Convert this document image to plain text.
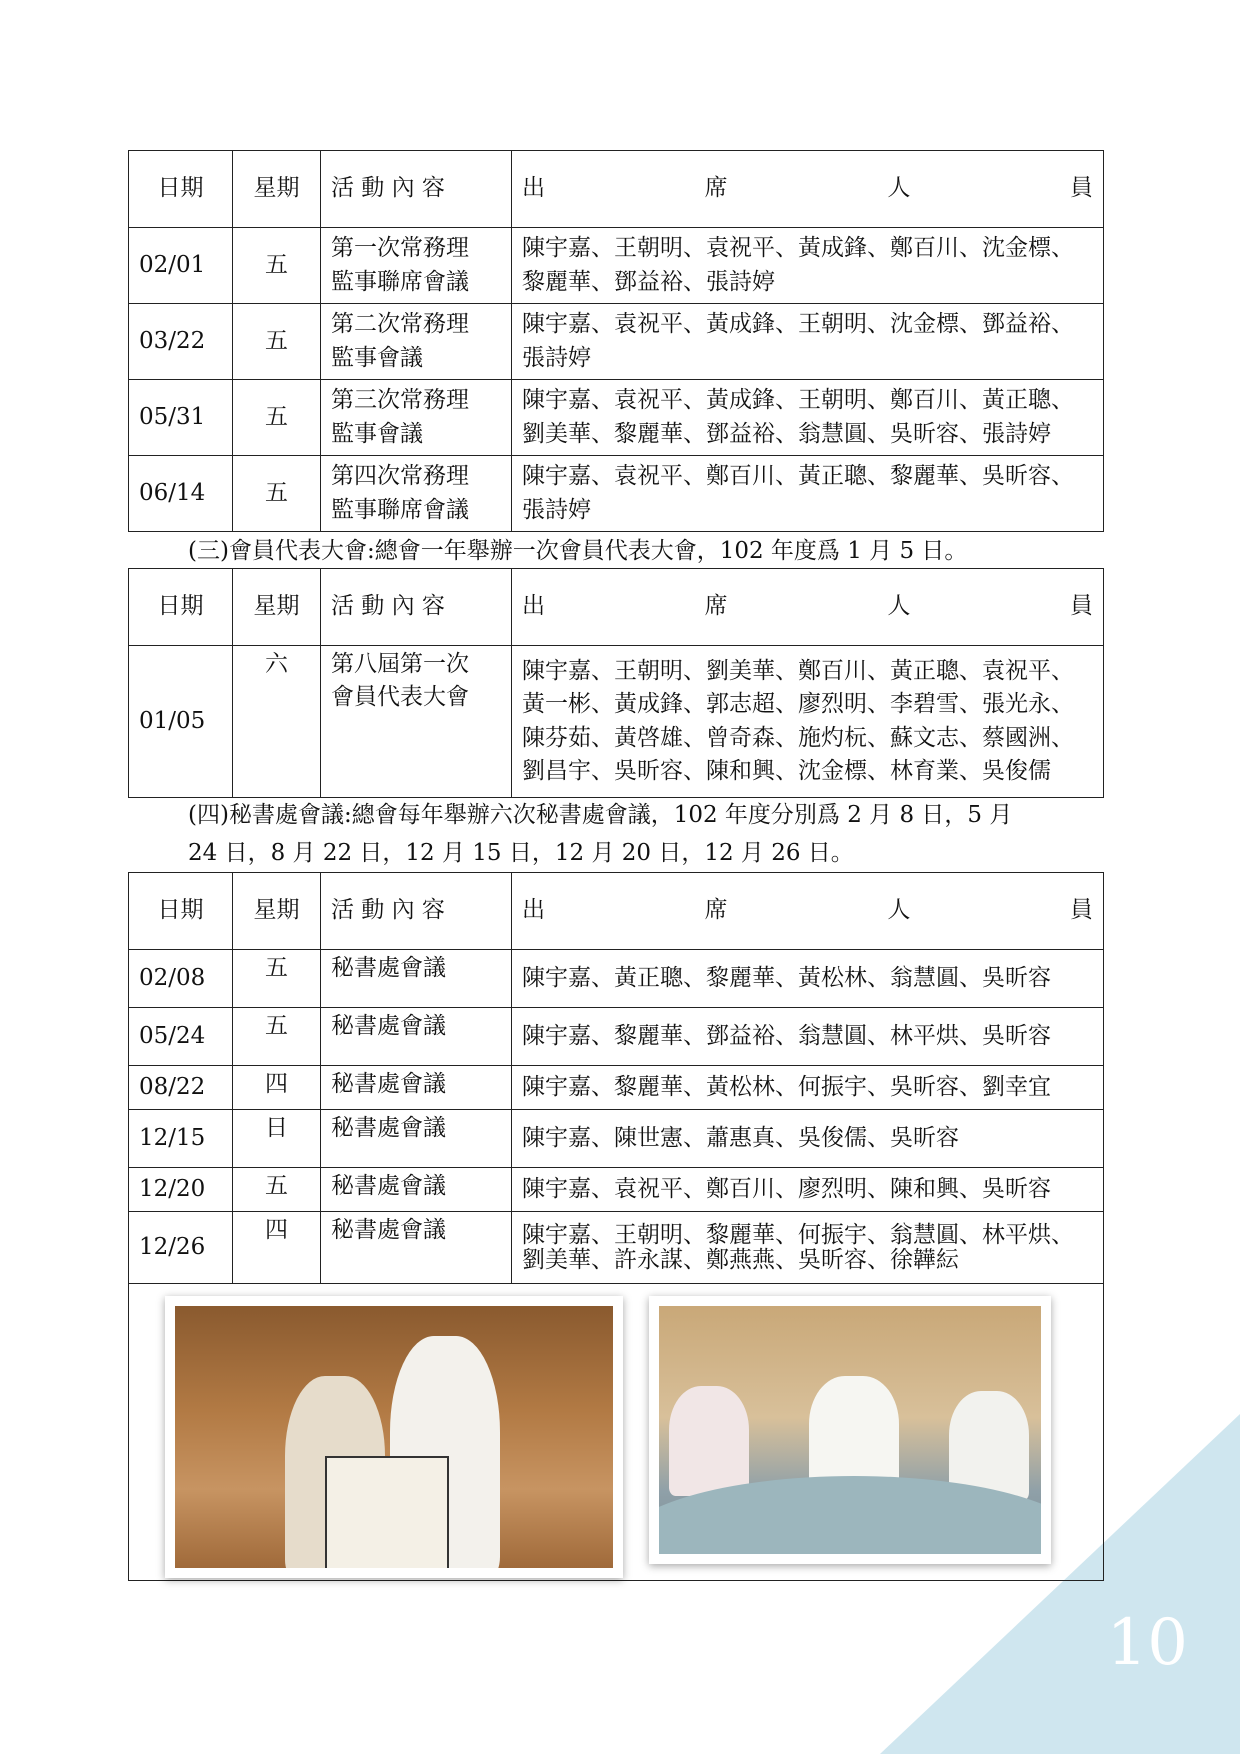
10
日期	星期	活 動 內 容	出 席 人 員

02/01	五	第一次常務理
監事聯席會議	陳宇嘉、王朝明、袁祝平、黃成鋒、鄭百川、沈金標、黎麗華、鄧益裕、張詩婷
03/22	五	第二次常務理
監事會議	陳宇嘉、袁祝平、黃成鋒、王朝明、沈金標、鄧益裕、張詩婷
05/31	五	第三次常務理
監事會議	陳宇嘉、袁祝平、黃成鋒、王朝明、鄭百川、黃正聰、劉美華、黎麗華、鄧益裕、翁慧圓、吳昕容、張詩婷
06/14	五	第四次常務理
監事聯席會議	陳宇嘉、袁祝平、鄭百川、黃正聰、黎麗華、吳昕容、張詩婷
(三)會員代表大會:總會一年舉辦一次會員代表大會，102 年度爲 1 月 5 日。
日期	星期	活 動 內 容	出 席 人 員

01/05	六	第八屆第一次
會員代表大會	陳宇嘉、王朝明、劉美華、鄭百川、黃正聰、袁祝平、黃一彬、黃成鋒、郭志超、廖烈明、李碧雪、張光永、陳芬茹、黃啓雄、曾奇森、施灼杬、蘇文志、蔡國洲、劉昌宇、吳昕容、陳和興、沈金標、林育業、吳俊儒
(四)秘書處會議:總會每年舉辦六次秘書處會議，102 年度分別爲 2 月 8 日，5 月
24 日，8 月 22 日，12 月 15 日，12 月 20 日，12 月 26 日。
日期	星期	活 動 內 容	出 席 人 員

02/08	五	秘書處會議	陳宇嘉、黃正聰、黎麗華、黃松林、翁慧圓、吳昕容
05/24	五	秘書處會議	陳宇嘉、黎麗華、鄧益裕、翁慧圓、林平烘、吳昕容
08/22	四	秘書處會議	陳宇嘉、黎麗華、黃松林、何振宇、吳昕容、劉幸宜
12/15	日	秘書處會議	陳宇嘉、陳世憲、蕭惠真、吳俊儒、吳昕容
12/20	五	秘書處會議	陳宇嘉、袁祝平、鄭百川、廖烈明、陳和興、吳昕容
12/26	四	秘書處會議	陳宇嘉、王朝明、黎麗華、何振宇、翁慧圓、林平烘、劉美華、許永謀、鄭燕燕、吳昕容、徐韡紜
